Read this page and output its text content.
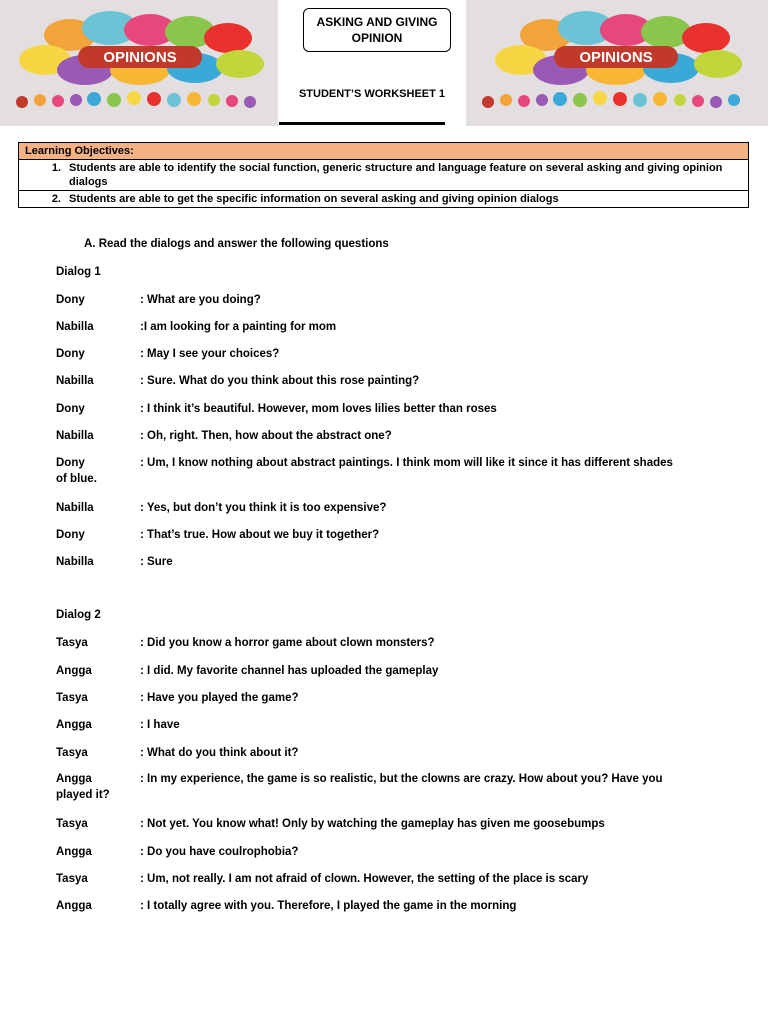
OPINIONS
ASKING AND GIVING OPINION
STUDENT’S WORKSHEET 1
OPINIONS
Learning Objectives:
1. Students are able to identify the social function, generic structure and language feature on several asking and giving opinion dialogs
2. Students are able to get the specific information on several asking and giving opinion dialogs
A. Read the dialogs and answer the following questions
Dialog 1
Dony	: What are you doing?
Nabilla	:I am looking for a painting for mom
Dony	: May I see your choices?
Nabilla	: Sure. What do you think about this rose painting?
Dony	: I think it’s beautiful. However, mom loves lilies better than roses
Nabilla	: Oh, right. Then, how about the abstract one?
Dony	: Um, I know nothing about abstract paintings. I think mom will like it since it has different shades of blue.
Nabilla	: Yes, but don’t you think it is too expensive?
Dony	: That’s true. How about we buy it together?
Nabilla	: Sure
Dialog 2
Tasya	: Did you know a horror game about clown monsters?
Angga	: I did. My favorite channel has uploaded the gameplay
Tasya	: Have you played the game?
Angga	: I have
Tasya	: What do you think about it?
Angga	: In my experience, the game is so realistic, but the clowns are crazy. How about you? Have you played it?
Tasya	: Not yet. You know what! Only by watching the gameplay has given me goosebumps
Angga	: Do you have coulrophobia?
Tasya	: Um, not really. I am not afraid of clown. However, the setting of the place is scary
Angga	: I totally agree with you. Therefore, I played the game in the morning
